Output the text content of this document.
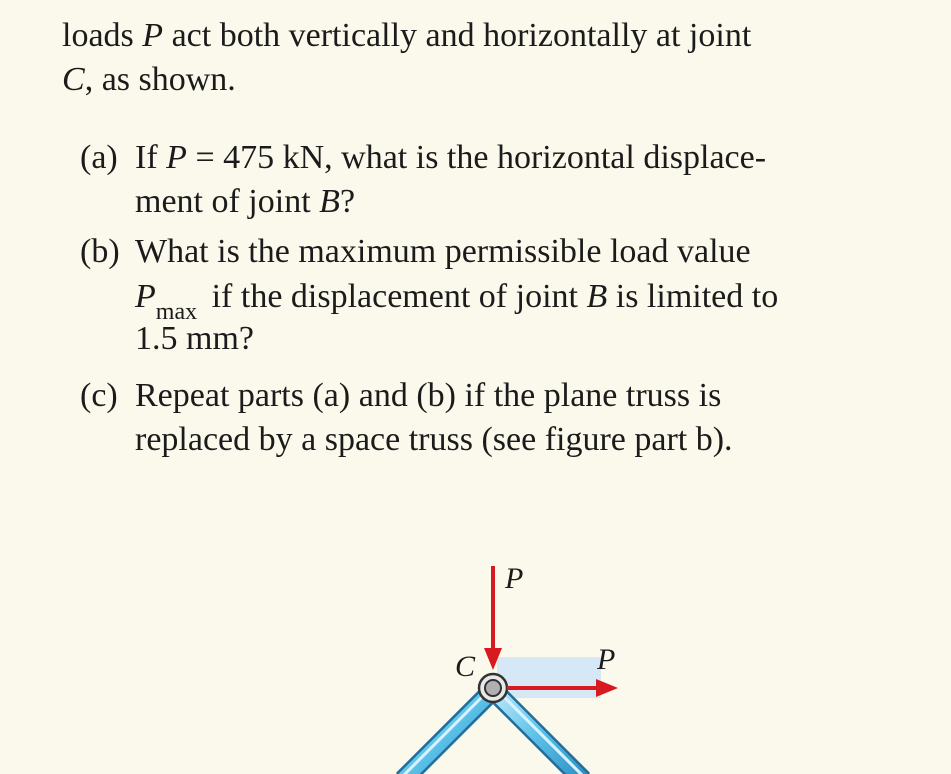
loads P act both vertically and horizontally at joint
C, as shown.
(a) If P = 475 kN, what is the horizontal displace-
ment of joint B?
(b) What is the maximum permissible load value
$P_{max}$ if the displacement of joint B is limited to
1.5 mm?
(c) Repeat parts (a) and (b) if the plane truss is
replaced by a space truss (see figure part b).
P
P
C
